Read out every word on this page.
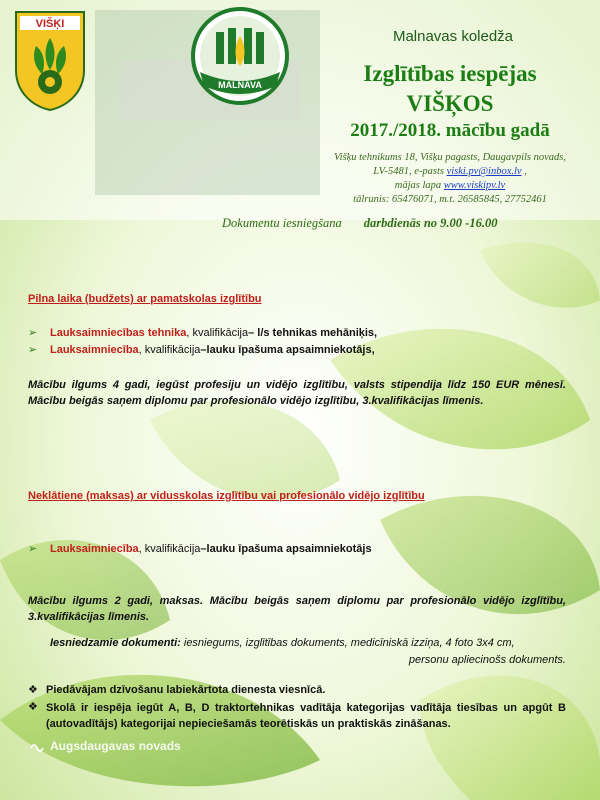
VIŠĶI
MALNAVA
Malnavas koledža
Izglītības iespējas
VIŠĶOS
2017./2018. mācību gadā
Višķu tehnikums 18, Višķu pagasts, Daugavpils novads,
LV-5481, e-pasts viski.pv@inbox.lv ,
mājas lapa www.viskipv.lv
tālrunis: 65476071, m.t. 26585845, 27752461
Dokumentu iesniegšana darbdienās no 9.00 -16.00
Pilna laika (budžets) ar pamatskolas izglītību
➢	Lauksaimniecības tehnika , kvalifikācija – l/s tehnikas mehāniķis,
➢	Lauksaimniecība , kvalifikācija –lauku īpašuma apsaimniekotājs,
Mācību ilgums 4 gadi, iegūst profesiju un vidējo izglītību, valsts stipendija līdz 150 EUR mēnesī. Mācību beigās saņem diplomu par profesionālo vidējo izglītību, 3.kvalifikācijas līmenis.
Neklātiene (maksas) ar vidusskolas izglītību vai profesionālo vidējo izglītību
➢	Lauksaimniecība , kvalifikācija –lauku īpašuma apsaimniekotājs
Mācību ilgums 2 gadi, maksas. Mācību beigās saņem diplomu par profesionālo vidējo izglītību, 3.kvalifikācijas līmenis.
Iesniedzamie dokumenti: iesniegums, izglītības dokuments, medicīniskā izziņa, 4 foto 3x4 cm,
personu apliecinošs dokuments.
❖ Piedāvājam dzīvošanu labiekārtota dienesta viesnīcā.
❖ Skolā ir iespēja iegūt A, B, D traktortehnikas vadītāja kategorijas vadītāja tiesības un apgūt B (autovadītājs) kategorijai nepieciešamās teorētiskās un praktiskās zināšanas.
Augsdaugavas novads
